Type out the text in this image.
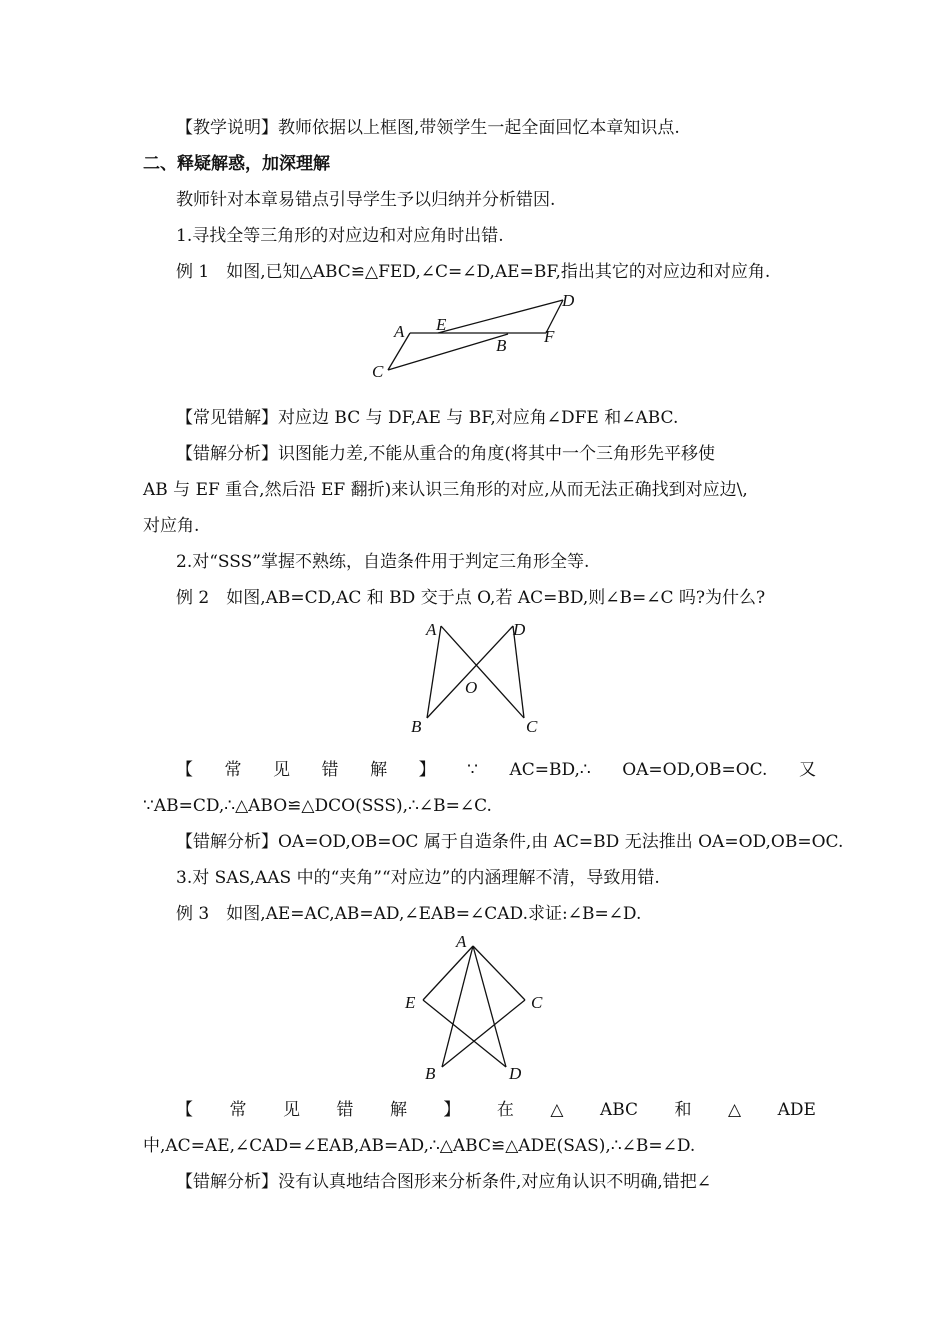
【教学说明】教师依据以上框图,带领学生一起全面回忆本章知识点.
二、释疑解惑，加深理解
教师针对本章易错点引导学生予以归纳并分析错因.
1.寻找全等三角形的对应边和对应角时出错.
例 1　如图,已知△ABC≌△FED,∠C=∠D,AE=BF,指出其它的对应边和对应角.
D
A E
B F
C
【常见错解】对应边 BC 与 DF,AE 与 BF,对应角∠DFE 和∠ABC.
【错解分析】识图能力差,不能从重合的角度(将其中一个三角形先平移使
AB 与 EF 重合,然后沿 EF 翻折)来认识三角形的对应,从而无法正确找到对应边\,
对应角.
2.对“SSS”掌握不熟练，自造条件用于判定三角形全等.
例 2　如图,AB=CD,AC 和 BD 交于点 O,若 AC=BD,则∠B=∠C 吗?为什么?
A	D
O
B	C
【 常 见 错 解 】 ∵ AC=BD,∴ OA=OD,OB=OC. 又
∵AB=CD,∴△ABO≌△DCO(SSS),∴∠B=∠C.
【错解分析】OA=OD,OB=OC 属于自造条件,由 AC=BD 无法推出 OA=OD,OB=OC.
3.对 SAS,AAS 中的“夹角”“对应边”的内涵理解不清，导致用错.
例 3　如图,AE=AC,AB=AD,∠EAB=∠CAD.求证:∠B=∠D.
A
E	C
B	D
【 常 见 错 解 】 在 △ ABC 和 △ ADE
中,AC=AE,∠CAD=∠EAB,AB=AD,∴△ABC≌△ADE(SAS),∴∠B=∠D.
【错解分析】没有认真地结合图形来分析条件,对应角认识不明确,错把∠
